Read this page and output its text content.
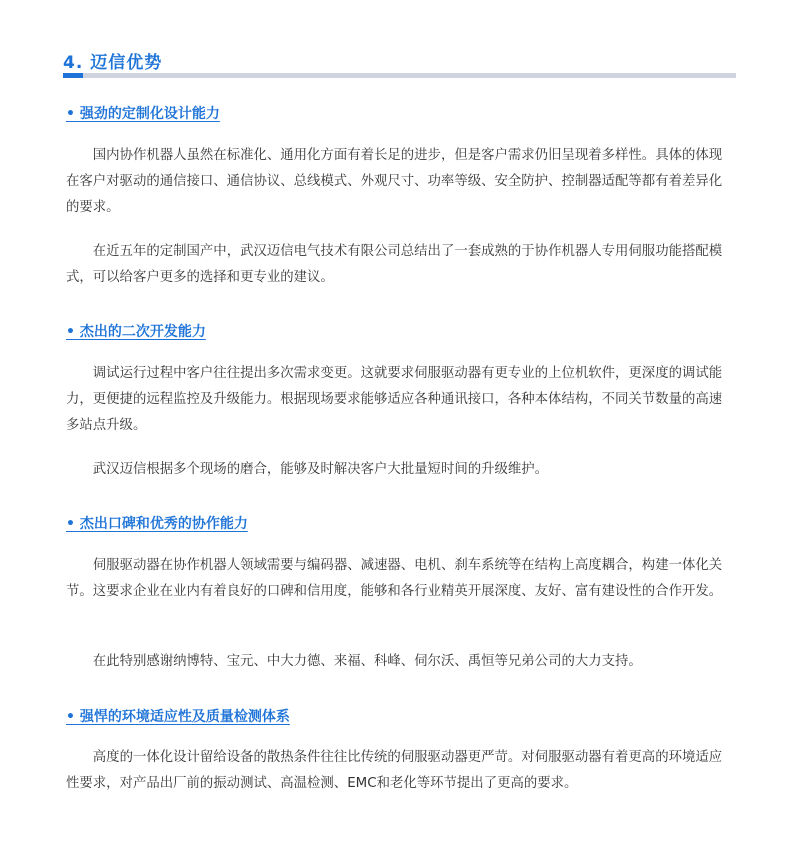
4. 迈信优势
• 强劲的定制化设计能力

国内协作机器人虽然在标准化、通用化方面有着长足的进步，但是客户需求仍旧呈现着多样性。具体的体现在客户对驱动的通信接口、通信协议、总线模式、外观尺寸、功率等级、安全防护、控制器适配等都有着差异化的要求。

在近五年的定制国产中，武汉迈信电气技术有限公司总结出了一套成熟的于协作机器人专用伺服功能搭配模式，可以给客户更多的选择和更专业的建议。

• 杰出的二次开发能力

调试运行过程中客户往往提出多次需求变更。这就要求伺服驱动器有更专业的上位机软件，更深度的调试能力，更便捷的远程监控及升级能力。根据现场要求能够适应各种通讯接口，各种本体结构，不同关节数量的高速多站点升级。

武汉迈信根据多个现场的磨合，能够及时解决客户大批量短时间的升级维护。

• 杰出口碑和优秀的协作能力

伺服驱动器在协作机器人领域需要与编码器、减速器、电机、刹车系统等在结构上高度耦合，构建一体化关节。这要求企业在业内有着良好的口碑和信用度，能够和各行业精英开展深度、友好、富有建设性的合作开发。

在此特别感谢纳博特、宝元、中大力德、来福、科峰、伺尔沃、禹恒等兄弟公司的大力支持。

• 强悍的环境适应性及质量检测体系

高度的一体化设计留给设备的散热条件往往比传统的伺服驱动器更严苛。对伺服驱动器有着更高的环境适应性要求，对产品出厂前的振动测试、高温检测、EMC和老化等环节提出了更高的要求。
